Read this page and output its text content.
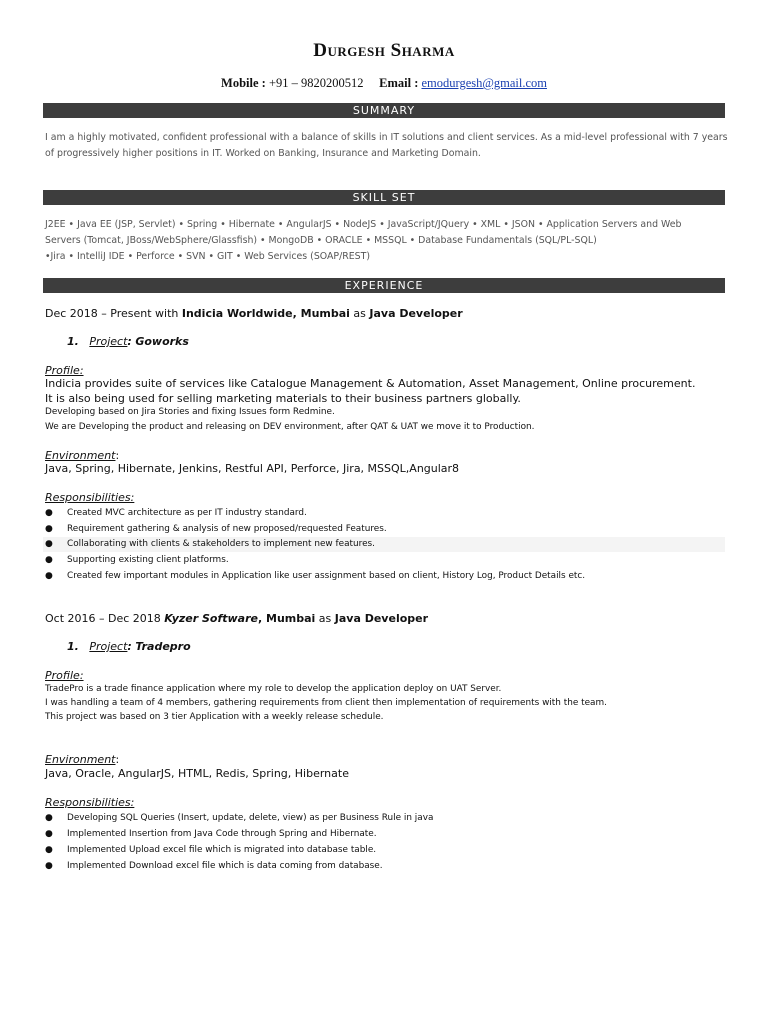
Durgesh Sharma
Mobile : +91 – 9820200512 Email : emodurgesh@gmail.com
SUMMARY
I am a highly motivated, confident professional with a balance of skills in IT solutions and client services. As a mid-level professional with 7 years
of progressively higher positions in IT. Worked on Banking, Insurance and Marketing Domain.
SKILL SET
J2EE • Java EE (JSP, Servlet) • Spring • Hibernate • AngularJS • NodeJS • JavaScript/JQuery • XML • JSON • Application Servers and Web
Servers (Tomcat, JBoss/WebSphere/Glassfish) • MongoDB • ORACLE • MSSQL • Database Fundamentals (SQL/PL-SQL)
•Jira • IntelliJ IDE • Perforce • SVN • GIT • Web Services (SOAP/REST)
EXPERIENCE
Dec 2018 – Present with Indicia Worldwide, Mumbai as Java Developer
1. Project: Goworks
Profile:
Indicia provides suite of services like Catalogue Management & Automation, Asset Management, Online procurement.
It is also being used for selling marketing materials to their business partners globally.
Developing based on Jira Stories and fixing Issues form Redmine.
We are Developing the product and releasing on DEV environment, after QAT & UAT we move it to Production.
Environment:
Java, Spring, Hibernate, Jenkins, Restful API, Perforce, Jira, MSSQL,Angular8
Responsibilities:
● Created MVC architecture as per IT industry standard.
● Requirement gathering & analysis of new proposed/requested Features.
● Collaborating with clients & stakeholders to implement new features.
● Supporting existing client platforms.
● Created few important modules in Application like user assignment based on client, History Log, Product Details etc.
Oct 2016 – Dec 2018 Kyzer Software, Mumbai as Java Developer
1. Project: Tradepro
Profile:
TradePro is a trade finance application where my role to develop the application deploy on UAT Server.
I was handling a team of 4 members, gathering requirements from client then implementation of requirements with the team.
This project was based on 3 tier Application with a weekly release schedule.
Environment:
Java, Oracle, AngularJS, HTML, Redis, Spring, Hibernate
Responsibilities:
● Developing SQL Queries (Insert, update, delete, view) as per Business Rule in java
● Implemented Insertion from Java Code through Spring and Hibernate.
● Implemented Upload excel file which is migrated into database table.
● Implemented Download excel file which is data coming from database.
